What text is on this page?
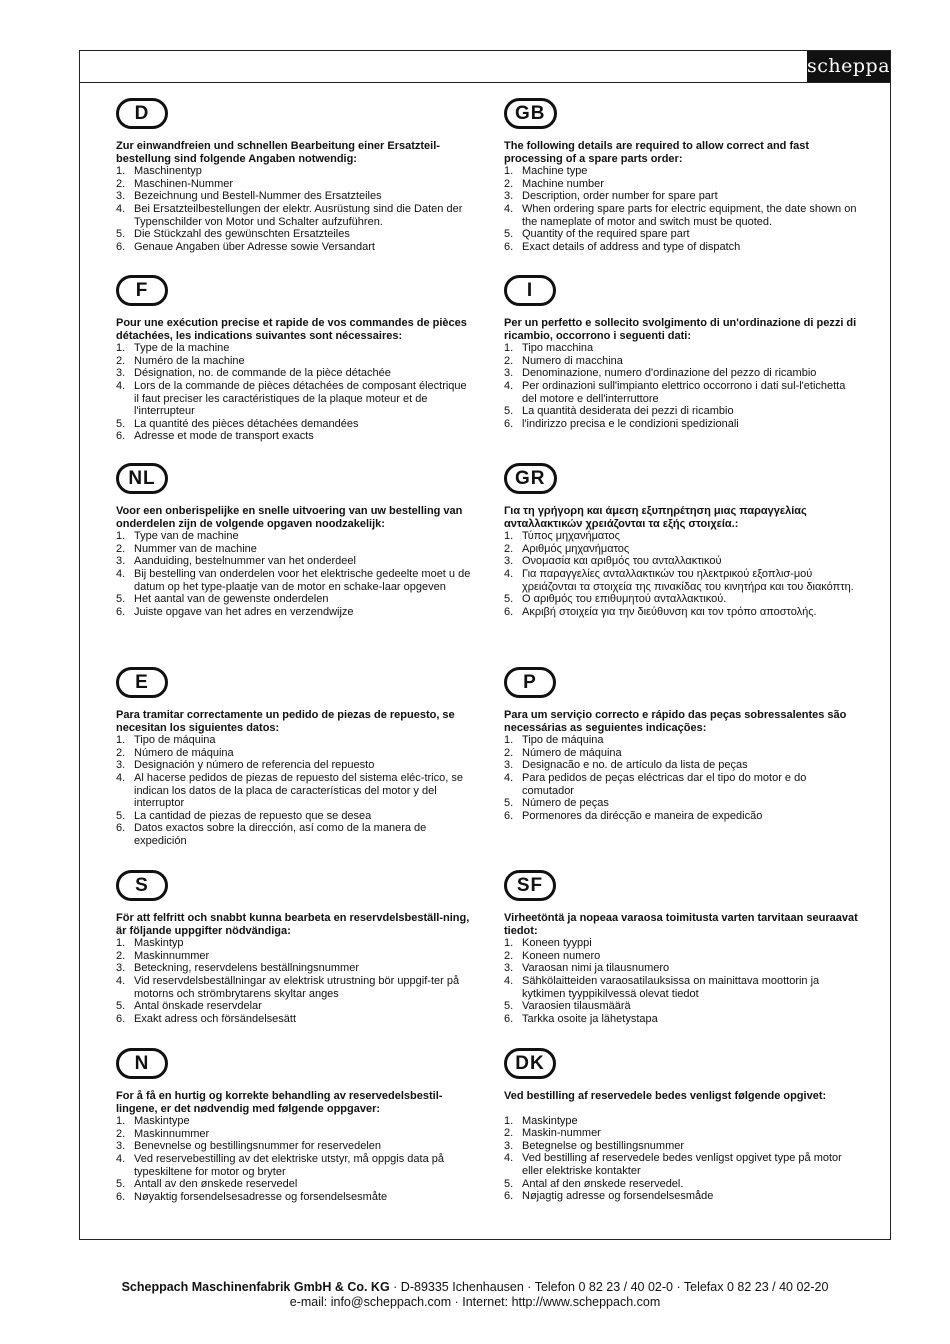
scheppach
D
Zur einwandfreien und schnellen Bearbeitung einer Ersatzteil-bestellung sind folgende Angaben notwendig:
1. Maschinentyp
2. Maschinen-Nummer
3. Bezeichnung und Bestell-Nummer des Ersatzteiles
4. Bei Ersatzteilbestellungen der elektr. Ausrüstung sind die Daten der Typenschilder von Motor und Schalter aufzuführen.
5. Die Stückzahl des gewünschten Ersatzteiles
6. Genaue Angaben über Adresse sowie Versandart
GB
The following details are required to allow correct and fast processing of a spare parts order:
1. Machine type
2. Machine number
3. Description, order number for spare part
4. When ordering spare parts for electric equipment, the date shown on the nameplate of motor and switch must be quoted.
5. Quantity of the required spare part
6. Exact details of address and type of dispatch
F
Pour une exécution precise et rapide de vos commandes de pièces détachées, les indications suivantes sont nécessaires:
1. Type de la machine
2. Numéro de la machine
3. Désignation, no. de commande de la pièce détachée
4. Lors de la commande de pièces détachées de composant électrique il faut preciser les caractéristiques de la plaque moteur et de l'interrupteur
5. La quantité des pièces détachées demandées
6. Adresse et mode de transport exacts
I
Per un perfetto e sollecito svolgimento di un'ordinazione di pezzi di ricambio, occorrono i seguenti dati:
1. Tipo macchina
2. Numero di macchina
3. Denominazione, numero d'ordinazione del pezzo di ricambio
4. Per ordinazioni sull'impianto elettrico occorrono i dati sul-l'etichetta del motore e dell'interruttore
5. La quantità desiderata dei pezzi di ricambio
6. l'indirizzo precisa e le condizioni spedizionali
NL
Voor een onberispelijke en snelle uitvoering van uw bestelling van onderdelen zijn de volgende opgaven noodzakelijk:
1. Type van de machine
2. Nummer van de machine
3. Aanduiding, bestelnummer van het onderdeel
4. Bij bestelling van onderdelen voor het elektrische gedeelte moet u de datum op het type-plaatje van de motor en schake-laar opgeven
5. Het aantal van de gewenste onderdelen
6. Juiste opgave van het adres en verzendwijze
GR
Για τη γρήγορη και άμεση εξυπηρέτηση μιας παραγγελίας ανταλλακτικών χρειάζονται τα εξής στοιχεία.:
1. Τύπος μηχανήματος
2. Αριθμός μηχανήματος
3. Ονομασία και αριθμός του ανταλλακτικού
4. Για παραγγελίες ανταλλακτικών του ηλεκτρικού εξοπλισ-μού χρειάζονται τα στοιχεία της πινακίδας του κινητήρα και του διακόπτη.
5. Ο αριθμός του επιθυμητού ανταλλακτικού.
6. Ακριβή στοιχεία για την διεύθυνση και τον τρόπο αποστολής.
E
Para tramitar correctamente un pedido de piezas de repuesto, se necesitan los siguientes datos:
1. Tipo de máquina
2. Número de máquina
3. Designación y número de referencia del repuesto
4. Al hacerse pedidos de piezas de repuesto del sistema eléc-trico, se indican los datos de la placa de características del motor y del interruptor
5. La cantidad de piezas de repuesto que se desea
6. Datos exactos sobre la dirección, así como de la manera de expedición
P
Para um serviçio correcto e rápido das peças sobressalentes são necessárias as seguientes indicações:
1. Tipo de máquina
2. Número de máquina
3. Designacão e no. de artículo da lista de peças
4. Para pedidos de peças eléctricas dar el tipo do motor e do comutador
5. Número de peças
6. Pormenores da dirécção e maneira de expedicão
S
För att felfritt och snabbt kunna bearbeta en reservdelsbeställ-ning, är följande uppgifter nödvändiga:
1. Maskintyp
2. Maskinnummer
3. Beteckning, reservdelens beställningsnummer
4. Vid reservdelsbeställningar av elektrisk utrustning bör uppgif-ter på motorns och strömbrytarens skyltar anges
5. Antal önskade reservdelar
6. Exakt adress och försändelsesätt
SF
Virheetöntä ja nopeaa varaosa toimitusta varten tarvitaan seuraavat tiedot:
1. Koneen tyyppi
2. Koneen numero
3. Varaosan nimi ja tilausnumero
4. Sähkölaitteiden varaosatilauksissa on mainittava moottorin ja kytkimen tyyppikilvessä olevat tiedot
5. Varaosien tilausmäärä
6. Tarkka osoite ja lähetystapa
N
For å få en hurtig og korrekte behandling av reservedelsbestil-lingene, er det nødvendig med følgende oppgaver:
1. Maskintype
2. Maskinnummer
3. Benevnelse og bestillingsnummer for reservedelen
4. Ved reservebestilling av det elektriske utstyr, må oppgis data på typeskiltene for motor og bryter
5. Antall av den ønskede reservedel
6. Nøyaktig forsendelsesadresse og forsendelsesmåte
DK
Ved bestilling af reservedele bedes venligst følgende opgivet:
1. Maskintype
2. Maskin-nummer
3. Betegnelse og bestillingsnummer
4. Ved bestilling af reservedele bedes venligst opgivet type på motor eller elektriske kontakter
5. Antal af den ønskede reservedel.
6. Nøjagtig adresse og forsendelsesmåde
Scheppach Maschinenfabrik GmbH & Co. KG · D-89335 Ichenhausen · Telefon 0 82 23 / 40 02-0 · Telefax 0 82 23 / 40 02-20
e-mail: info@scheppach.com · Internet: http://www.scheppach.com
